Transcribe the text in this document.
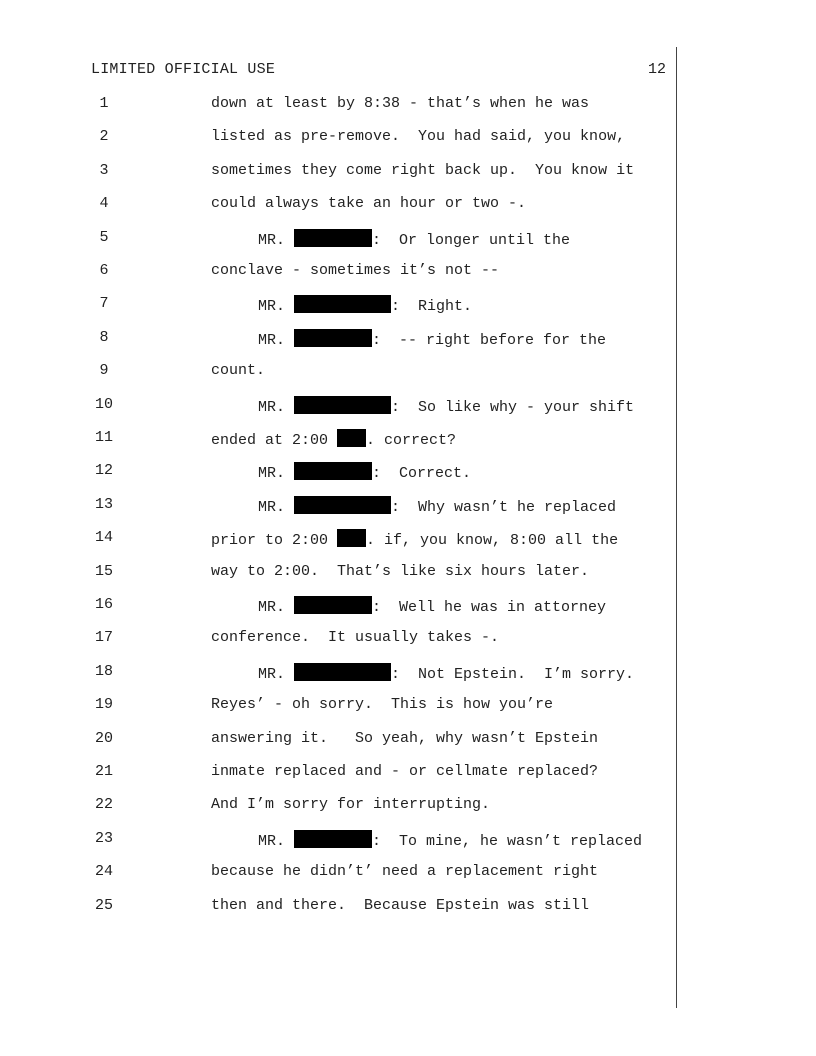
LIMITED OFFICIAL USE	12
1	down at least by 8:38 - that’s when he was
2	listed as pre-remove.  You had said, you know,
3	sometimes they come right back up.  You know it
4	could always take an hour or two -.
5	MR.	:  Or longer until the
6	conclave - sometimes it’s not --
7	MR.	:  Right.
8	MR.	:  -- right before for the
9	count.
10	MR.	:  So like why - your shift
11	ended at 2:00 . correct?
12	MR.	:  Correct.
13	MR.	:  Why wasn’t he replaced
14	prior to 2:00 . if, you know, 8:00 all the
15	way to 2:00.  That’s like six hours later.
16	MR.	:  Well he was in attorney
17	conference.  It usually takes -.
18	MR.	:  Not Epstein.  I’m sorry.
19	Reyes’ - oh sorry.  This is how you’re
20	answering it.   So yeah, why wasn’t Epstein
21	inmate replaced and - or cellmate replaced?
22	And I’m sorry for interrupting.
23	MR.	:  To mine, he wasn’t replaced
24	because he didn’t’ need a replacement right
25	then and there.  Because Epstein was still
